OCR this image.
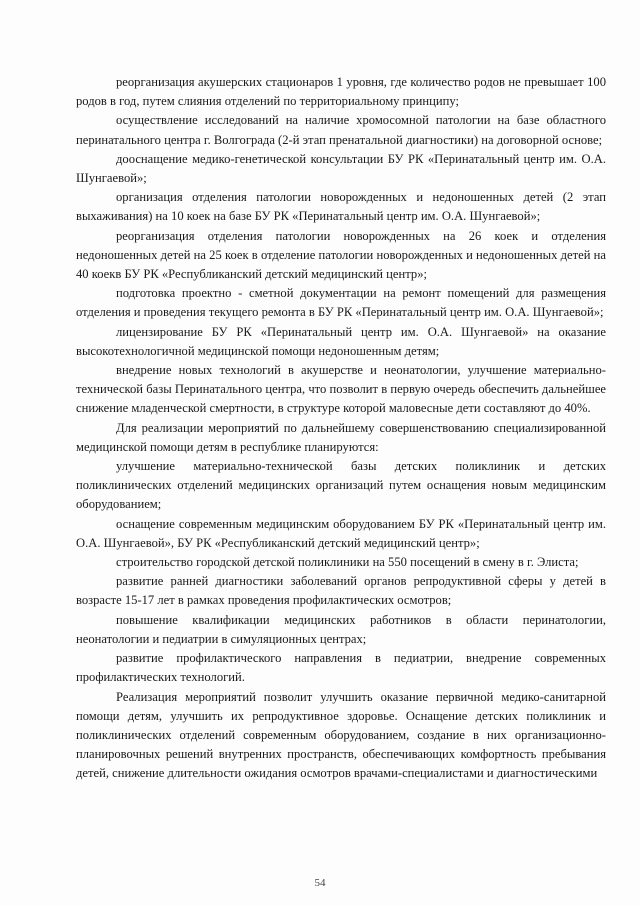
реорганизация акушерских стационаров 1 уровня, где количество родов не превышает 100 родов в год, путем слияния отделений по территориальному принципу;

осуществление исследований на наличие хромосомной патологии на базе областного перинатального центра г. Волгограда (2-й этап пренатальной диагностики) на договорной основе;

дооснащение медико-генетической консультации БУ РК «Перинатальный центр им. О.А. Шунгаевой»;

организация отделения патологии новорожденных и недоношенных детей (2 этап выхаживания) на 10 коек на базе БУ РК «Перинатальный центр им. О.А. Шунгаевой»;

реорганизация отделения патологии новорожденных на 26 коек и отделения недоношенных детей на 25 коек в отделение патологии новорожденных и недоношенных детей на 40 коекв БУ РК «Республиканский детский медицинский центр»;

подготовка проектно - сметной документации на ремонт помещений для размещения отделения и проведения текущего ремонта в БУ РК «Перинатальный центр им. О.А. Шунгаевой»;

лицензирование БУ РК «Перинатальный центр им. О.А. Шунгаевой» на оказание высокотехнологичной медицинской помощи недоношенным детям;

внедрение новых технологий в акушерстве и неонатологии, улучшение материально-технической базы Перинатального центра, что позволит в первую очередь обеспечить дальнейшее снижение младенческой смертности, в структуре которой маловесные дети составляют до 40%.

Для реализации мероприятий по дальнейшему совершенствованию специализированной медицинской помощи детям в республике планируются:

улучшение материально-технической базы детских поликлиник и детских поликлинических отделений медицинских организаций путем оснащения новым медицинским оборудованием;

оснащение современным медицинским оборудованием БУ РК «Перинатальный центр им. О.А. Шунгаевой», БУ РК «Республиканский детский медицинский центр»;

строительство городской детской поликлиники на 550 посещений в смену в г. Элиста;

развитие ранней диагностики заболеваний органов репродуктивной сферы у детей в возрасте 15-17 лет в рамках проведения профилактических осмотров;

повышение квалификации медицинских работников в области перинатологии, неонатологии и педиатрии в симуляционных центрах;

развитие профилактического направления в педиатрии, внедрение современных профилактических технологий.

Реализация мероприятий позволит улучшить оказание первичной медико-санитарной помощи детям, улучшить их репродуктивное здоровье. Оснащение детских поликлиник и поликлинических отделений современным оборудованием, создание в них организационно-планировочных решений внутренних пространств, обеспечивающих комфортность пребывания детей, снижение длительности ожидания осмотров врачами-специалистами и диагностическими

54
